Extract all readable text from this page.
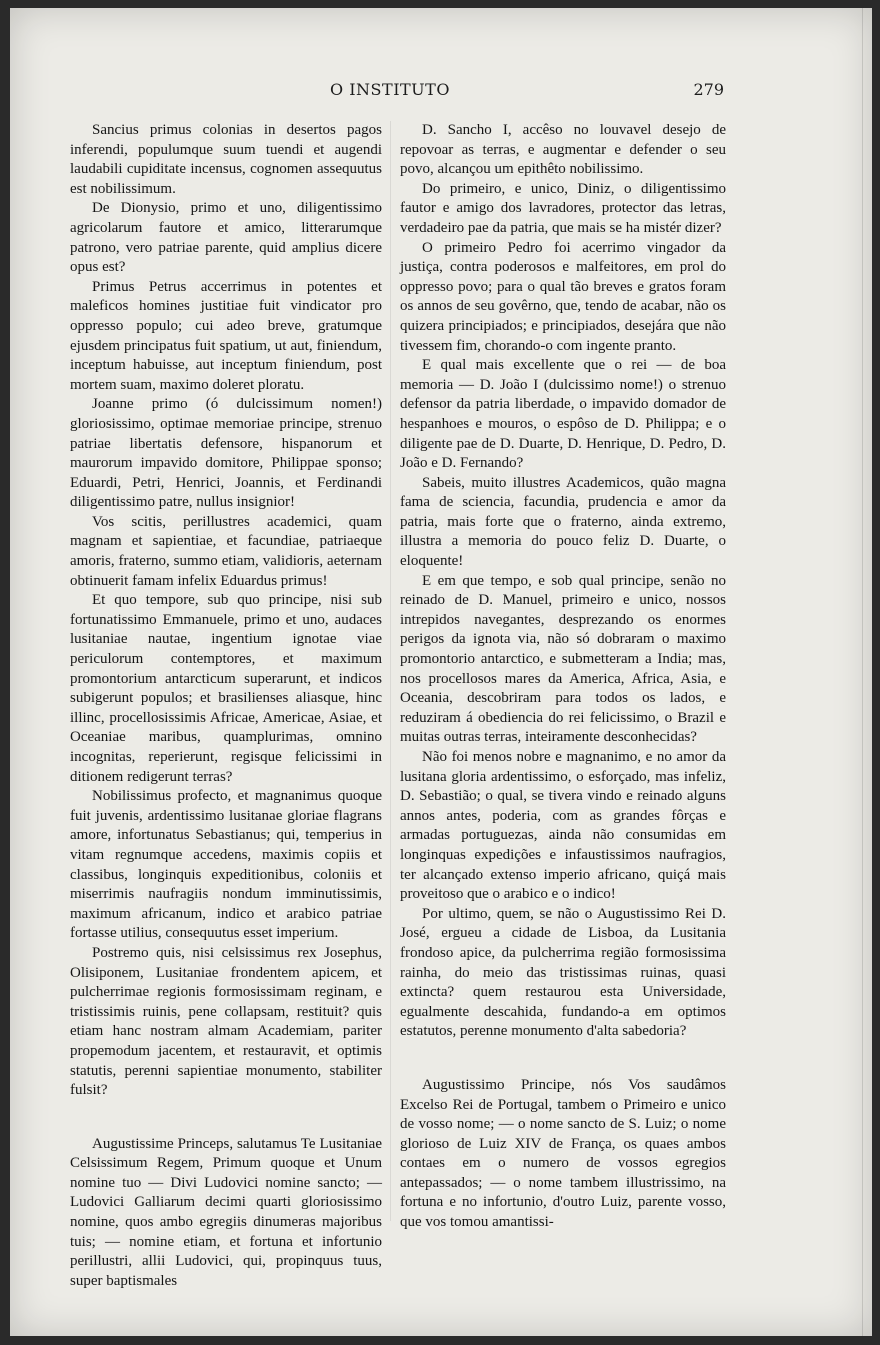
O INSTITUTO	279

Sancius primus colonias in desertos pagos inferendi, populumque suum tuendi et augendi laudabili cupiditate incensus, cognomen assequutus est nobilissimum.

De Dionysio, primo et uno, diligentissimo agricolarum fautore et amico, litterarumque patrono, vero patriae parente, quid amplius dicere opus est?

Primus Petrus accerrimus in potentes et maleficos homines justitiae fuit vindicator pro oppresso populo; cui adeo breve, gratumque ejusdem principatus fuit spatium, ut aut, finiendum, inceptum habuisse, aut inceptum finiendum, post mortem suam, maximo doleret ploratu.

Joanne primo (ó dulcissimum nomen!) gloriosissimo, optimae memoriae principe, strenuo patriae libertatis defensore, hispanorum et maurorum impavido domitore, Philippae sponso; Eduardi, Petri, Henrici, Joannis, et Ferdinandi diligentissimo patre, nullus insignior!

Vos scitis, perillustres academici, quam magnam et sapientiae, et facundiae, patriaeque amoris, fraterno, summo etiam, validioris, aeternam obtinuerit famam infelix Eduardus primus!

Et quo tempore, sub quo principe, nisi sub fortunatissimo Emmanuele, primo et uno, audaces lusitaniae nautae, ingentium ignotae viae periculorum contemptores, et maximum promontorium antarcticum superarunt, et indicos subigerunt populos; et brasilienses aliasque, hinc illinc, procellosissimis Africae, Americae, Asiae, et Oceaniae maribus, quamplurimas, omnino incognitas, reperierunt, regisque felicissimi in ditionem redigerunt terras?

Nobilissimus profecto, et magnanimus quoque fuit juvenis, ardentissimo lusitanae gloriae flagrans amore, infortunatus Sebastianus; qui, temperius in vitam regnumque accedens, maximis copiis et classibus, longinquis expeditionibus, coloniis et miserrimis naufragiis nondum imminutissimis, maximum africanum, indico et arabico patriae fortasse utilius, consequutus esset imperium.

Postremo quis, nisi celsissimus rex Josephus, Olisiponem, Lusitaniae frondentem apicem, et pulcherrimae regionis formosissimam reginam, e tristissimis ruinis, pene collapsam, restituit? quis etiam hanc nostram almam Academiam, pariter propemodum jacentem, et restauravit, et optimis statutis, perenni sapientiae monumento, stabiliter fulsit?

Augustissime Princeps, salutamus Te Lusitaniae Celsissimum Regem, Primum quoque et Unum nomine tuo — Divi Ludovici nomine sancto; — Ludovici Galliarum decimi quarti gloriosissimo nomine, quos ambo egregiis dinumeras majoribus tuis; — nomine etiam, et fortuna et infortunio perillustri, allii Ludovici, qui, propinquus tuus, super baptismales

D. Sancho I, accêso no louvavel desejo de repovoar as terras, e augmentar e defender o seu povo, alcançou um epithêto nobilissimo.

Do primeiro, e unico, Diniz, o diligentissimo fautor e amigo dos lavradores, protector das letras, verdadeiro pae da patria, que mais se ha mistér dizer?

O primeiro Pedro foi acerrimo vingador da justiça, contra poderosos e malfeitores, em prol do oppresso povo; para o qual tão breves e gratos foram os annos de seu govêrno, que, tendo de acabar, não os quizera principiados; e principiados, desejára que não tivessem fim, chorando-o com ingente pranto.

E qual mais excellente que o rei — de boa memoria — D. João I (dulcissimo nome!) o strenuo defensor da patria liberdade, o impavido domador de hespanhoes e mouros, o espôso de D. Philippa; e o diligente pae de D. Duarte, D. Henrique, D. Pedro, D. João e D. Fernando?

Sabeis, muito illustres Academicos, quão magna fama de sciencia, facundia, prudencia e amor da patria, mais forte que o fraterno, ainda extremo, illustra a memoria do pouco feliz D. Duarte, o eloquente!

E em que tempo, e sob qual principe, senão no reinado de D. Manuel, primeiro e unico, nossos intrepidos navegantes, desprezando os enormes perigos da ignota via, não só dobraram o maximo promontorio antarctico, e submetteram a India; mas, nos procellosos mares da America, Africa, Asia, e Oceania, descobriram para todos os lados, e reduziram á obediencia do rei felicissimo, o Brazil e muitas outras terras, inteiramente desconhecidas?

Não foi menos nobre e magnanimo, e no amor da lusitana gloria ardentissimo, o esforçado, mas infeliz, D. Sebastião; o qual, se tivera vindo e reinado alguns annos antes, poderia, com as grandes fôrças e armadas portuguezas, ainda não consumidas em longinquas expedições e infaustissimos naufragios, ter alcançado extenso imperio africano, quiçá mais proveitoso que o arabico e o indico!

Por ultimo, quem, se não o Augustissimo Rei D. José, ergueu a cidade de Lisboa, da Lusitania frondoso apice, da pulcherrima região formosissima rainha, do meio das tristissimas ruinas, quasi extincta? quem restaurou esta Universidade, egualmente descahida, fundando-a em optimos estatutos, perenne monumento d'alta sabedoria?

Augustissimo Principe, nós Vos saudâmos Excelso Rei de Portugal, tambem o Primeiro e unico de vosso nome; — o nome sancto de S. Luiz; o nome glorioso de Luiz XIV de França, os quaes ambos contaes em o numero de vossos egregios antepassados; — o nome tambem illustrissimo, na fortuna e no infortunio, d'outro Luiz, parente vosso, que vos tomou amantissi-
